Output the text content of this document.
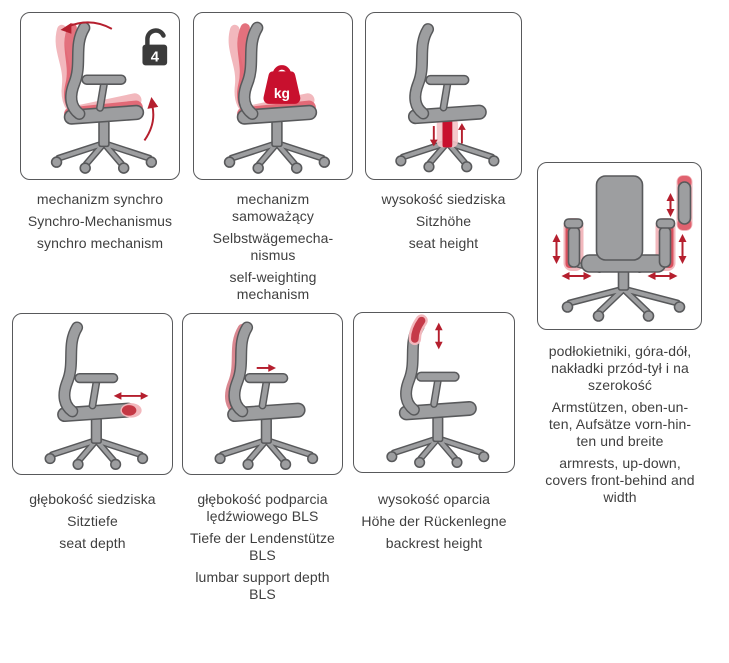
4
kg
mechanizm synchro
Synchro-Mechanismus
synchro mechanism
mechanizm
samoważący
Selbstwägemecha-
nismus
self-weighting
mechanism
wysokość siedziska
Sitzhöhe
seat height
podłokietniki, góra-dół,
nakładki przód-tył i na
szerokość
Armstützen, oben-un-
ten, Aufsätze vorn-hin-
ten und breite
armrests, up-down,
covers front-behind and
width
głębokość siedziska
Sitztiefe
seat depth
głębokość podparcia
lędźwiowego BLS
Tiefe der Lendenstütze
BLS
lumbar support depth
BLS
wysokość oparcia
Höhe der Rückenlegne
backrest height
